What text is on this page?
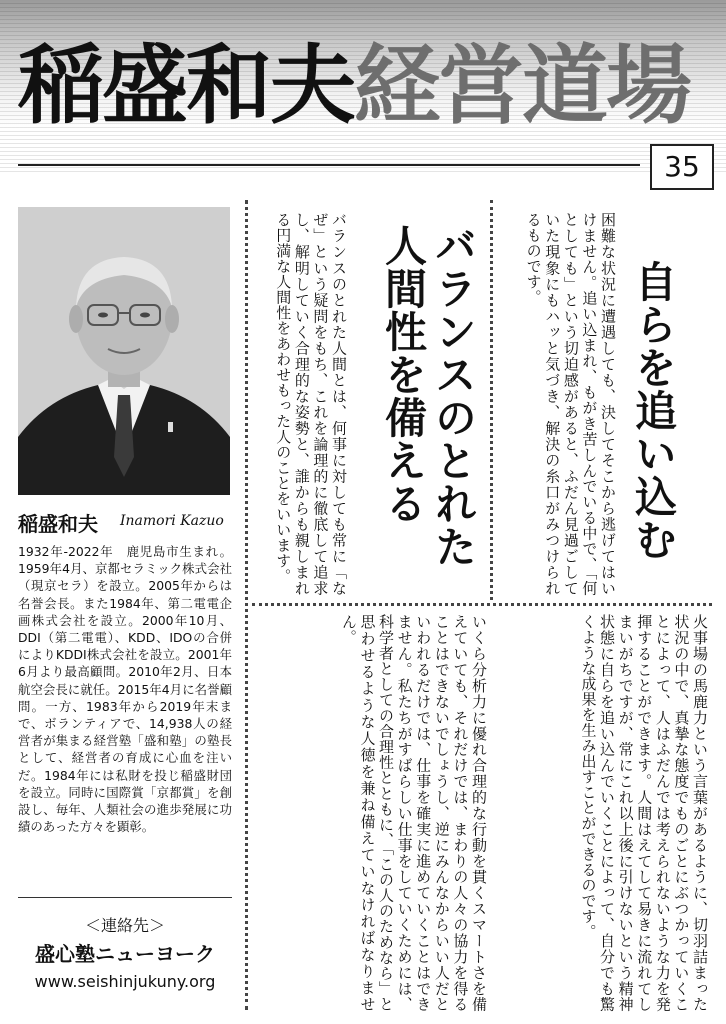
稲盛和夫経営道場
35
稲盛和夫 Inamori Kazuo
1932年-2022年　鹿児島市生まれ。1959年4月、京都セラミック株式会社（現京セラ）を設立。2005年からは名誉会長。また1984年、第二電電企画株式会社を設立。2000年10月、DDI（第二電電）、KDD、IDOの合併によりKDDI株式会社を設立。2001年6月より最高顧問。2010年2月、日本航空会長に就任。2015年4月に名誉顧問。一方、1983年から2019年末まで、ボランティアで、14,938人の経営者が集まる経営塾「盛和塾」の塾長として、経営者の育成に心血を注いだ。1984年には私財を投じ稲盛財団を設立。同時に国際賞「京都賞」を創設し、毎年、人類社会の進歩発展に功績のあった方々を顕彰。
＜連絡先＞
盛心塾ニューヨーク
www.seishinjukuny.org
自らを追い込む
困難な状況に遭遇しても、決してそこから逃げてはいけません。追い込まれ、もがき苦しんでいる中で、「何としても」という切迫感があると、ふだん見過ごしていた現象にもハッと気づき、解決の糸口がみつけられるものです。
火事場の馬鹿力という言葉があるように、切羽詰まった状況の中で、真摯な態度でものごとにぶつかっていくことによって、人はふだんでは考えられないような力を発揮することができます。人間はえてして易きに流れてしまいがちですが、常にこれ以上後に引けないという精神状態に自らを追い込んでいくことによって、自分でも驚くような成果を生み出すことができるのです。
バランスのとれた人間性を備える
バランスのとれた人間とは、何事に対しても常に「なぜ」という疑問をもち、これを論理的に徹底して追求し、解明していく合理的な姿勢と、誰からも親しまれる円満な人間性をあわせもった人のことをいいます。
いくら分析力に優れ合理的な行動を貫くスマートさを備えていても、それだけでは、まわりの人々の協力を得ることはできないでしょうし、逆にみんなからいい人だといわれるだけでは、仕事を確実に進めていくことはできません。私たちがすばらしい仕事をしていくためには、科学者としての合理性とともに、「この人のためなら」と思わせるような人徳を兼ね備えていなければなりません。
